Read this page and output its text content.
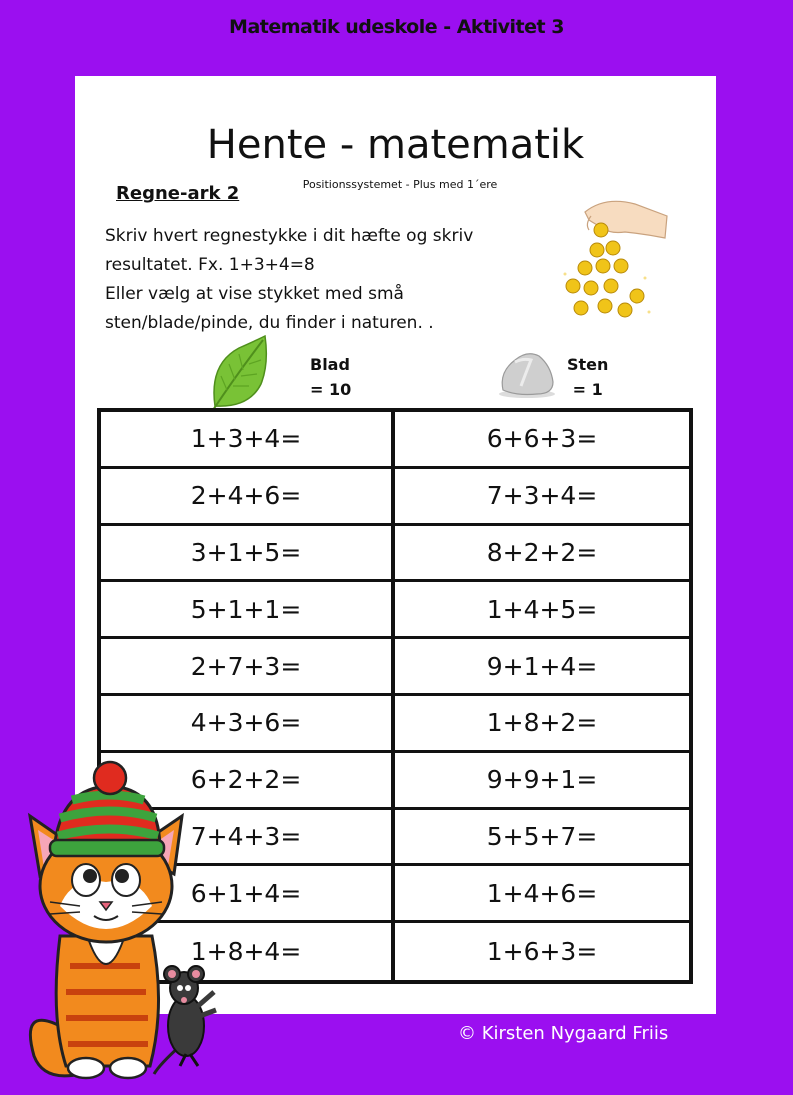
Matematik udeskole - Aktivitet 3
Hente - matematik
Positionssystemet - Plus med 1´ere
Regne-ark 2
Skriv hvert regnestykke i dit hæfte og skriv
resultatet. Fx. 1+3+4=8
Eller vælg at vise stykket med små
sten/blade/pinde, du finder i naturen. .
Blad
= 10
Sten
= 1
1+3+4=	6+6+3=
2+4+6=	7+3+4=
3+1+5=	8+2+2=
5+1+1=	1+4+5=
2+7+3=	9+1+4=
4+3+6=	1+8+2=
6+2+2=	9+9+1=
7+4+3=	5+5+7=
6+1+4=	1+4+6=
1+8+4=	1+6+3=
© Kirsten Nygaard Friis
